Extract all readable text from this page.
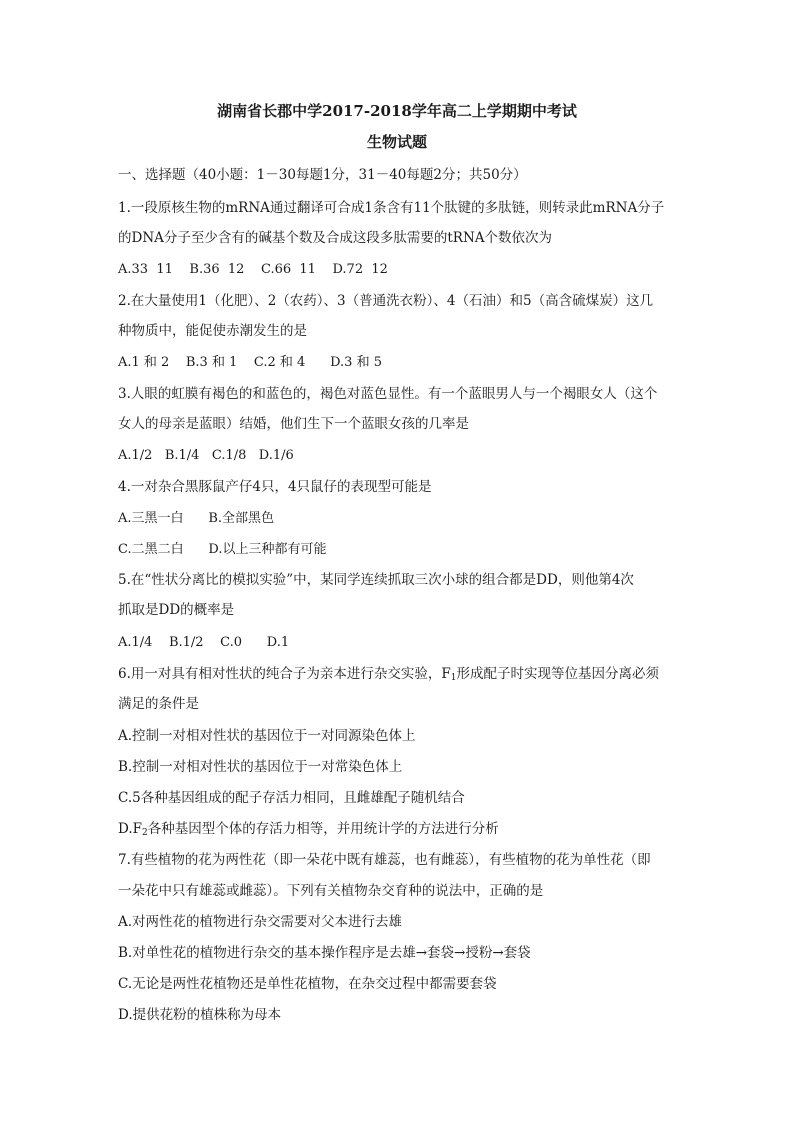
湖南省长郡中学2017-2018学年高二上学期期中考试
生物试题
一、选择题（40小题：1－30每题1分，31－40每题2分；共50分）
1.一段原核生物的mRNA通过翻译可合成1条含有11个肽键的多肽链，则转录此mRNA分子
的DNA分子至少含有的碱基个数及合成这段多肽需要的tRNA个数依次为
A.33  11    B.36  12    C.66  11    D.72  12
2.在大量使用1（化肥）、2（农药）、3（普通洗衣粉）、4（石油）和5（高含硫煤炭）这几
种物质中，能促使赤潮发生的是
A.1 和 2    B.3 和 1    C.2 和 4      D.3 和 5
3.人眼的虹膜有褐色的和蓝色的，褐色对蓝色显性。有一个蓝眼男人与一个褐眼女人（这个
女人的母亲是蓝眼）结婚，他们生下一个蓝眼女孩的几率是
A.1/2   B.1/4   C.1/8   D.1/6
4.一对杂合黑豚鼠产仔4只，4只鼠仔的表现型可能是
A.三黑一白      B.全部黑色
C.二黑二白      D.以上三种都有可能
5.在“性状分离比的模拟实验”中，某同学连续抓取三次小球的组合都是DD，则他第4次
抓取是DD的概率是
A.1/4    B.1/2    C.0      D.1
6.用一对具有相对性状的纯合子为亲本进行杂交实验，$F_1$形成配子时实现等位基因分离必须
满足的条件是
A.控制一对相对性状的基因位于一对同源染色体上
B.控制一对相对性状的基因位于一对常染色体上
C.5各种基因组成的配子存活力相同，且雌雄配子随机结合
$D.F_2$各种基因型个体的存活力相等，并用统计学的方法进行分析
7.有些植物的花为两性花（即一朵花中既有雄蕊，也有雌蕊），有些植物的花为单性花（即
一朵花中只有雄蕊或雌蕊）。下列有关植物杂交育种的说法中，正确的是
A.对两性花的植物进行杂交需要对父本进行去雄
B.对单性花的植物进行杂交的基本操作程序是去雄→套袋→授粉→套袋
C.无论是两性花植物还是单性花植物，在杂交过程中都需要套袋
D.提供花粉的植株称为母本
